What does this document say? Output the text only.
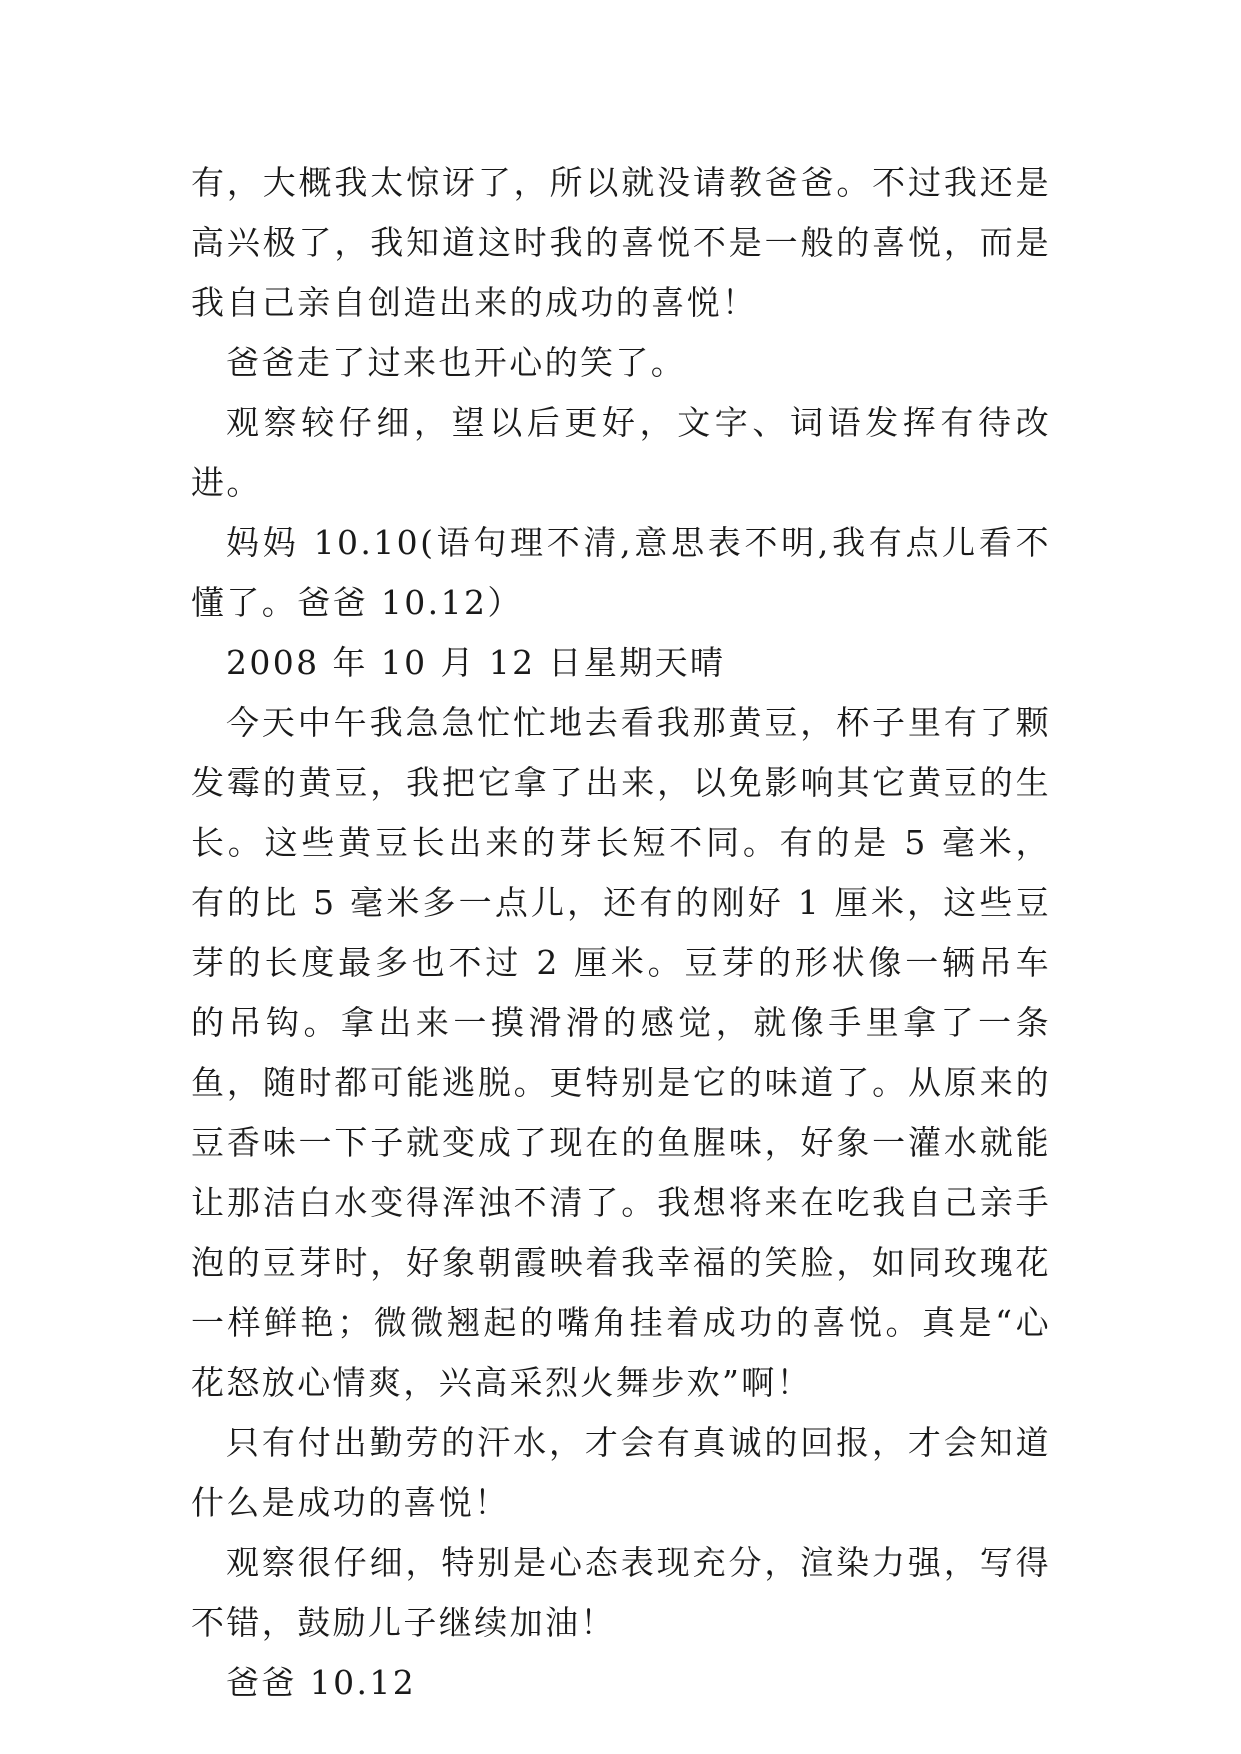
有，大概我太惊讶了，所以就没请教爸爸。不过我还是高兴极了，我知道这时我的喜悦不是一般的喜悦，而是我自己亲自创造出来的成功的喜悦！

爸爸走了过来也开心的笑了。

观察较仔细，望以后更好，文字、词语发挥有待改进。

妈妈 10.10(语句理不清,意思表不明,我有点儿看不懂了。爸爸 10.12）

2008 年 10 月 12 日星期天晴

今天中午我急急忙忙地去看我那黄豆，杯子里有了颗发霉的黄豆，我把它拿了出来，以免影响其它黄豆的生长。这些黄豆长出来的芽长短不同。有的是 5 毫米，有的比 5 毫米多一点儿，还有的刚好 1 厘米，这些豆芽的长度最多也不过 2 厘米。豆芽的形状像一辆吊车的吊钩。拿出来一摸滑滑的感觉，就像手里拿了一条鱼，随时都可能逃脱。更特别是它的味道了。从原来的豆香味一下子就变成了现在的鱼腥味，好象一灌水就能让那洁白水变得浑浊不清了。我想将来在吃我自己亲手泡的豆芽时，好象朝霞映着我幸福的笑脸，如同玫瑰花一样鲜艳；微微翘起的嘴角挂着成功的喜悦。真是“心花怒放心情爽，兴高采烈火舞步欢”啊！

只有付出勤劳的汗水，才会有真诚的回报，才会知道什么是成功的喜悦！

观察很仔细，特别是心态表现充分，渲染力强，写得不错，鼓励儿子继续加油！

爸爸 10.12
